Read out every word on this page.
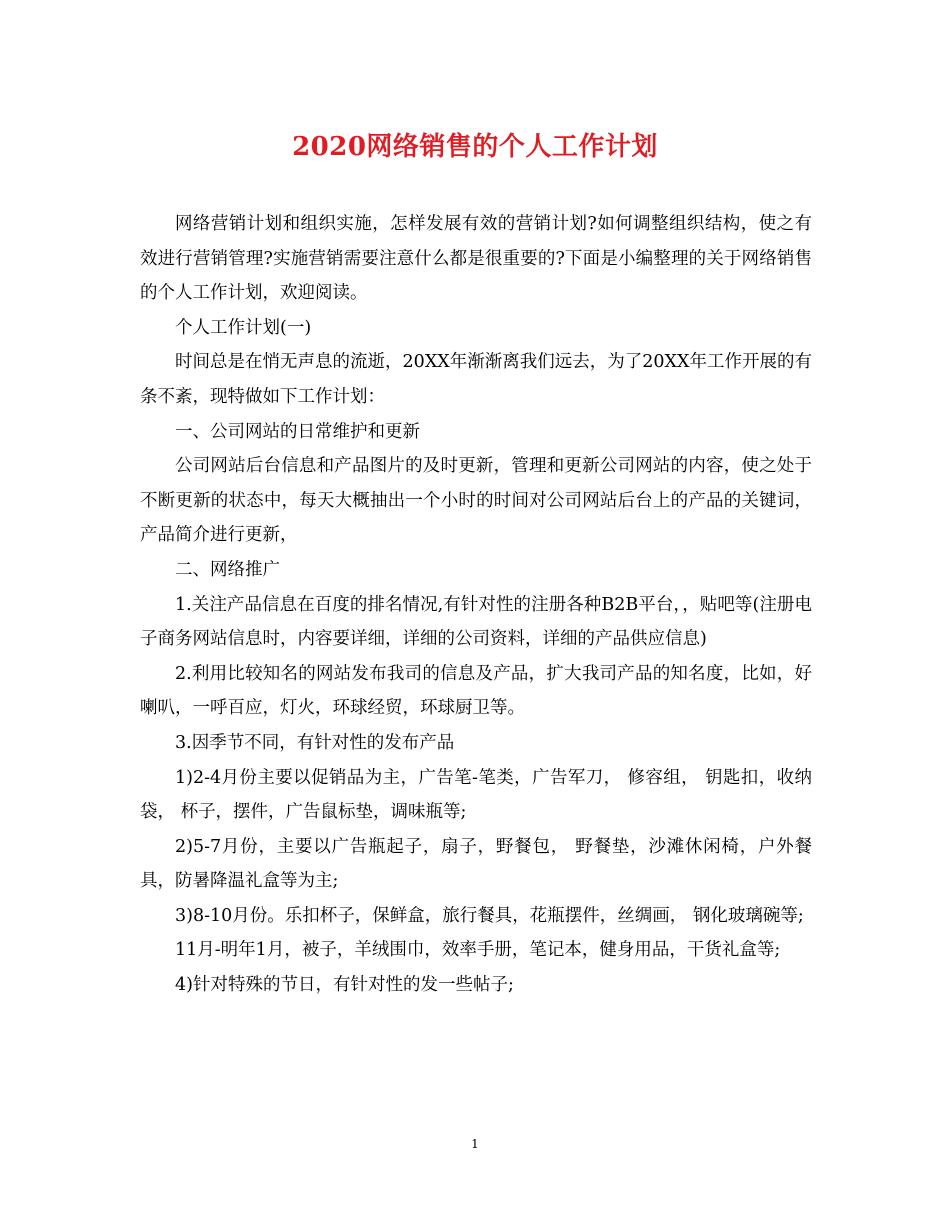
2020网络销售的个人工作计划

网络营销计划和组织实施，怎样发展有效的营销计划?如何调整组织结构，使之有效进行营销管理?实施营销需要注意什么都是很重要的?下面是小编整理的关于网络销售的个人工作计划，欢迎阅读。

个人工作计划(一)

时间总是在悄无声息的流逝，20XX年渐渐离我们远去，为了20XX年工作开展的有条不紊，现特做如下工作计划：

一、公司网站的日常维护和更新

公司网站后台信息和产品图片的及时更新，管理和更新公司网站的内容，使之处于不断更新的状态中，每天大概抽出一个小时的时间对公司网站后台上的产品的关键词，产品简介进行更新，

二、网络推广

1.关注产品信息在百度的排名情况,有针对性的注册各种B2B平台，，贴吧等(注册电子商务网站信息时，内容要详细，详细的公司资料，详细的产品供应信息)

2.利用比较知名的网站发布我司的信息及产品，扩大我司产品的知名度，比如，好喇叭，一呼百应，灯火，环球经贸，环球厨卫等。

3.因季节不同，有针对性的发布产品

1)2-4月份主要以促销品为主，广告笔-笔类，广告军刀， 修容组， 钥匙扣，收纳袋， 杯子，摆件，广告鼠标垫，调味瓶等;

2)5-7月份，主要以广告瓶起子，扇子，野餐包， 野餐垫，沙滩休闲椅，户外餐具，防暑降温礼盒等为主;

3)8-10月份。乐扣杯子，保鲜盒，旅行餐具，花瓶摆件，丝绸画， 钢化玻璃碗等;

11月-明年1月，被子，羊绒围巾，效率手册，笔记本，健身用品，干货礼盒等;

4)针对特殊的节日，有针对性的发一些帖子;

1
